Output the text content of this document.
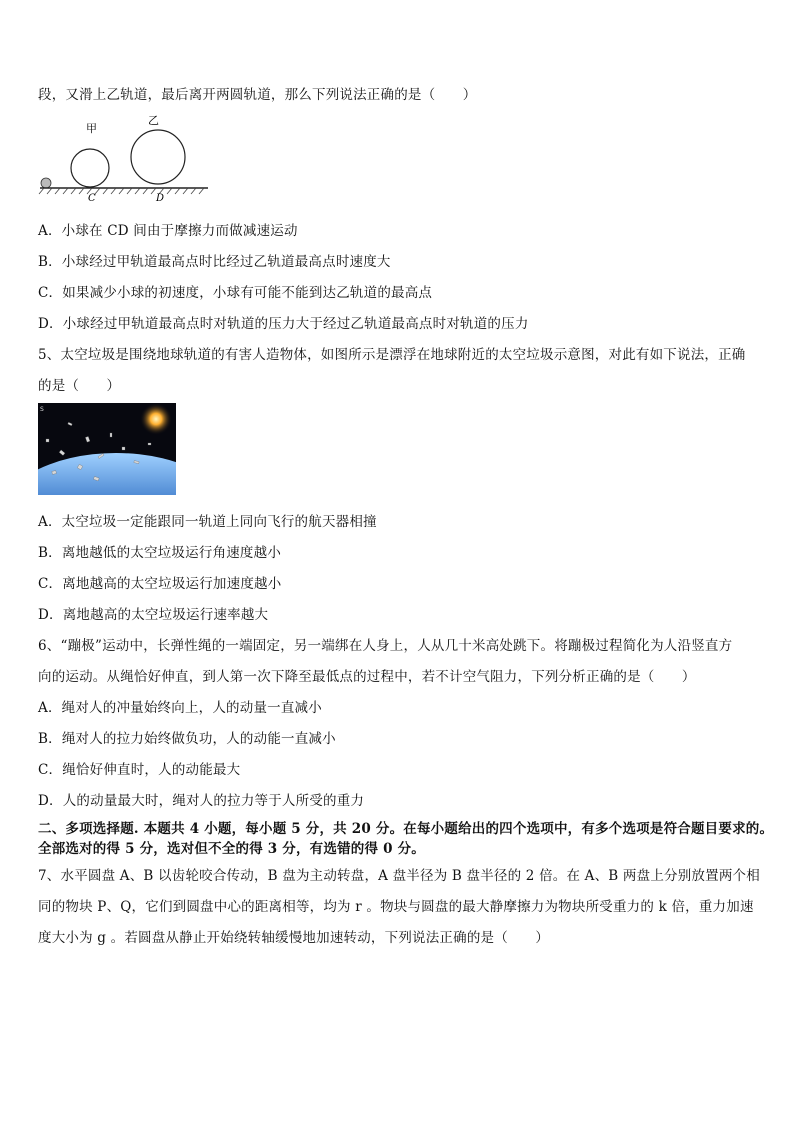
段，又滑上乙轨道，最后离开两圆轨道，那么下列说法正确的是（　　）
甲
乙
C	D
A．小球在 CD 间由于摩擦力而做减速运动
B．小球经过甲轨道最高点时比经过乙轨道最高点时速度大
C．如果减少小球的初速度，小球有可能不能到达乙轨道的最高点
D．小球经过甲轨道最高点时对轨道的压力大于经过乙轨道最高点时对轨道的压力
5、太空垃圾是围绕地球轨道的有害人造物体，如图所示是漂浮在地球附近的太空垃圾示意图，对此有如下说法，正确
的是（　　）
S
A．太空垃圾一定能跟同一轨道上同向飞行的航天器相撞
B．离地越低的太空垃圾运行角速度越小
C．离地越高的太空垃圾运行加速度越小
D．离地越高的太空垃圾运行速率越大
6、“蹦极”运动中，长弹性绳的一端固定，另一端绑在人身上，人从几十米高处跳下。将蹦极过程简化为人沿竖直方
向的运动。从绳恰好伸直，到人第一次下降至最低点的过程中，若不计空气阻力，下列分析正确的是（　　）
A．绳对人的冲量始终向上，人的动量一直减小
B．绳对人的拉力始终做负功，人的动能一直减小
C．绳恰好伸直时，人的动能最大
D．人的动量最大时，绳对人的拉力等于人所受的重力
二、多项选择题. 本题共 4 小题，每小题 5 分，共 20 分。在每小题给出的四个选项中，有多个选项是符合题目要求的。
全部选对的得 5 分，选对但不全的得 3 分，有选错的得 0 分。
7、水平圆盘 A、B 以齿轮咬合传动，B 盘为主动转盘，A 盘半径为 B 盘半径的 2 倍。在 A、B 两盘上分别放置两个相
同的物块 P、Q，它们到圆盘中心的距离相等，均为 r 。物块与圆盘的最大静摩擦力为物块所受重力的 k 倍，重力加速
度大小为 g 。若圆盘从静止开始绕转轴缓慢地加速转动，下列说法正确的是（　　）
